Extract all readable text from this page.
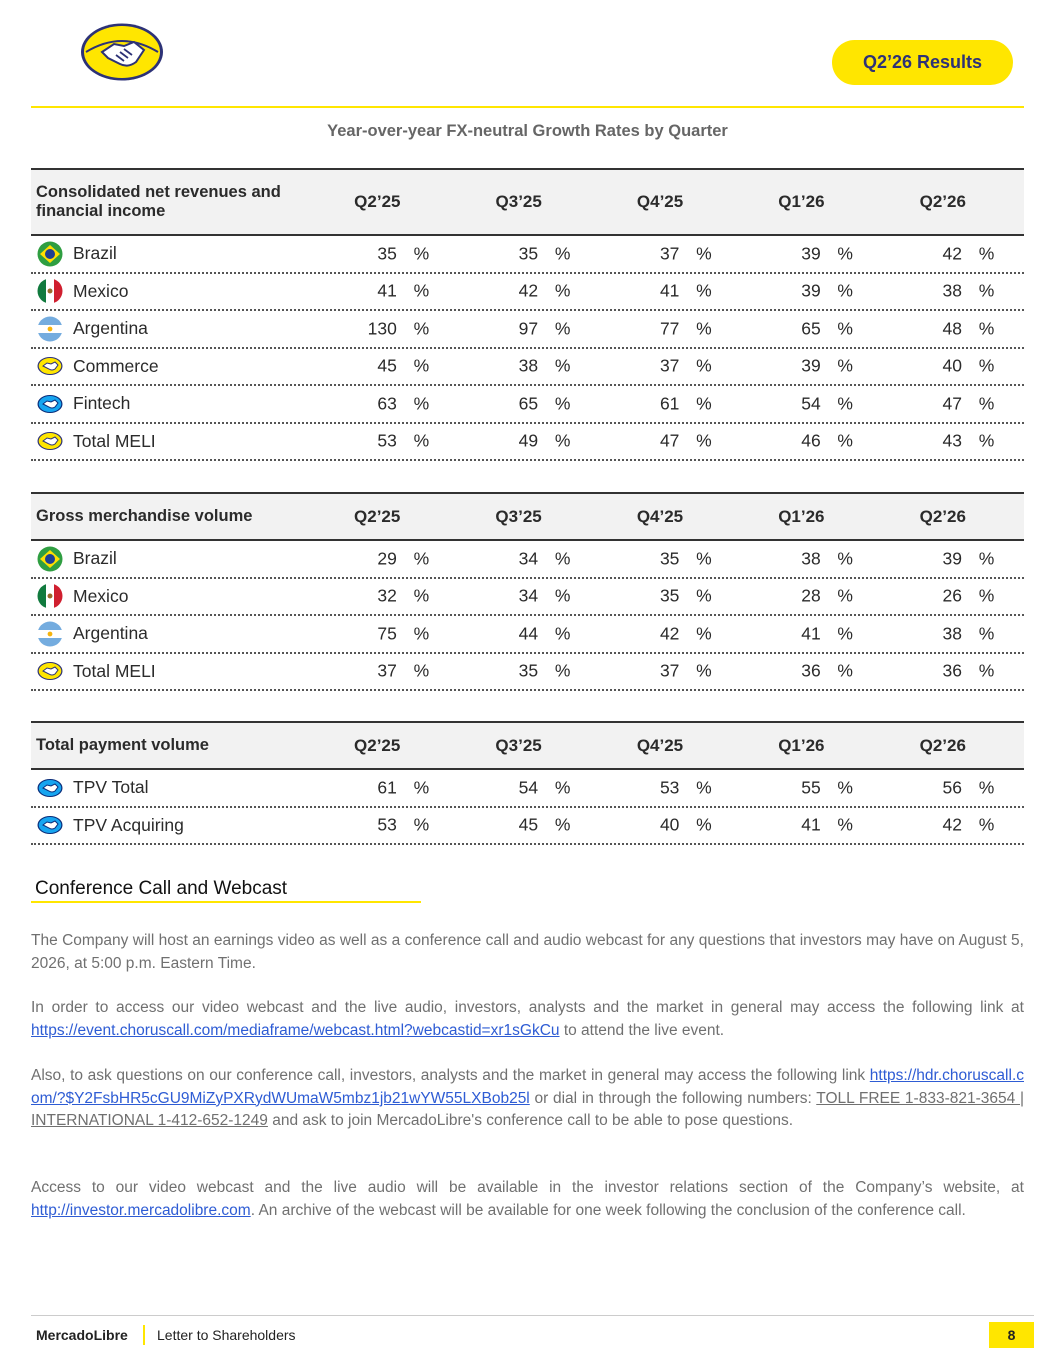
Q2’26 Results
Year-over-year FX-neutral Growth Rates by Quarter
Consolidated net revenues and financial income	Q2’25	Q3’25	Q4’25	Q1’26	Q2’26
Brazil	35 %	35 %	37 %	39 %	42 %
Mexico	41 %	42 %	41 %	39 %	38 %
Argentina	130 %	97 %	77 %	65 %	48 %
Commerce	45 %	38 %	37 %	39 %	40 %
Fintech	63 %	65 %	61 %	54 %	47 %
Total MELI	53 %	49 %	47 %	46 %	43 %
Gross merchandise volume	Q2’25	Q3’25	Q4’25	Q1’26	Q2’26
Brazil	29 %	34 %	35 %	38 %	39 %
Mexico	32 %	34 %	35 %	28 %	26 %
Argentina	75 %	44 %	42 %	41 %	38 %
Total MELI	37 %	35 %	37 %	36 %	36 %
Total payment volume	Q2’25	Q3’25	Q4’25	Q1’26	Q2’26
TPV Total	61 %	54 %	53 %	55 %	56 %
TPV Acquiring	53 %	45 %	40 %	41 %	42 %
Conference Call and Webcast

The Company will host an earnings video as well as a conference call and audio webcast for any questions that investors may have on August 5, 2026, at 5:00 p.m. Eastern Time.

In order to access our video webcast and the live audio, investors, analysts and the market in general may access the following link at https://event.choruscall.com/mediaframe/webcast.html?webcastid=xr1sGkCu to attend the live event.

Also, to ask questions on our conference call, investors, analysts and the market in general may access the following link https://hdr.choruscall.com/?$Y2FsbHR5cGU9MiZyPXRydWUmaW5mbz1jb21wYW55LXBob25l or dial in through the following numbers: TOLL FREE 1-833-821-3654 | INTERNATIONAL 1-412-652-1249 and ask to join MercadoLibre's conference call to be able to pose questions.

Access to our video webcast and the live audio will be available in the investor relations section of the Company’s website, at http://investor.mercadolibre.com. An archive of the webcast will be available for one week following the conclusion of the conference call.

MercadoLibre Letter to Shareholders	8
